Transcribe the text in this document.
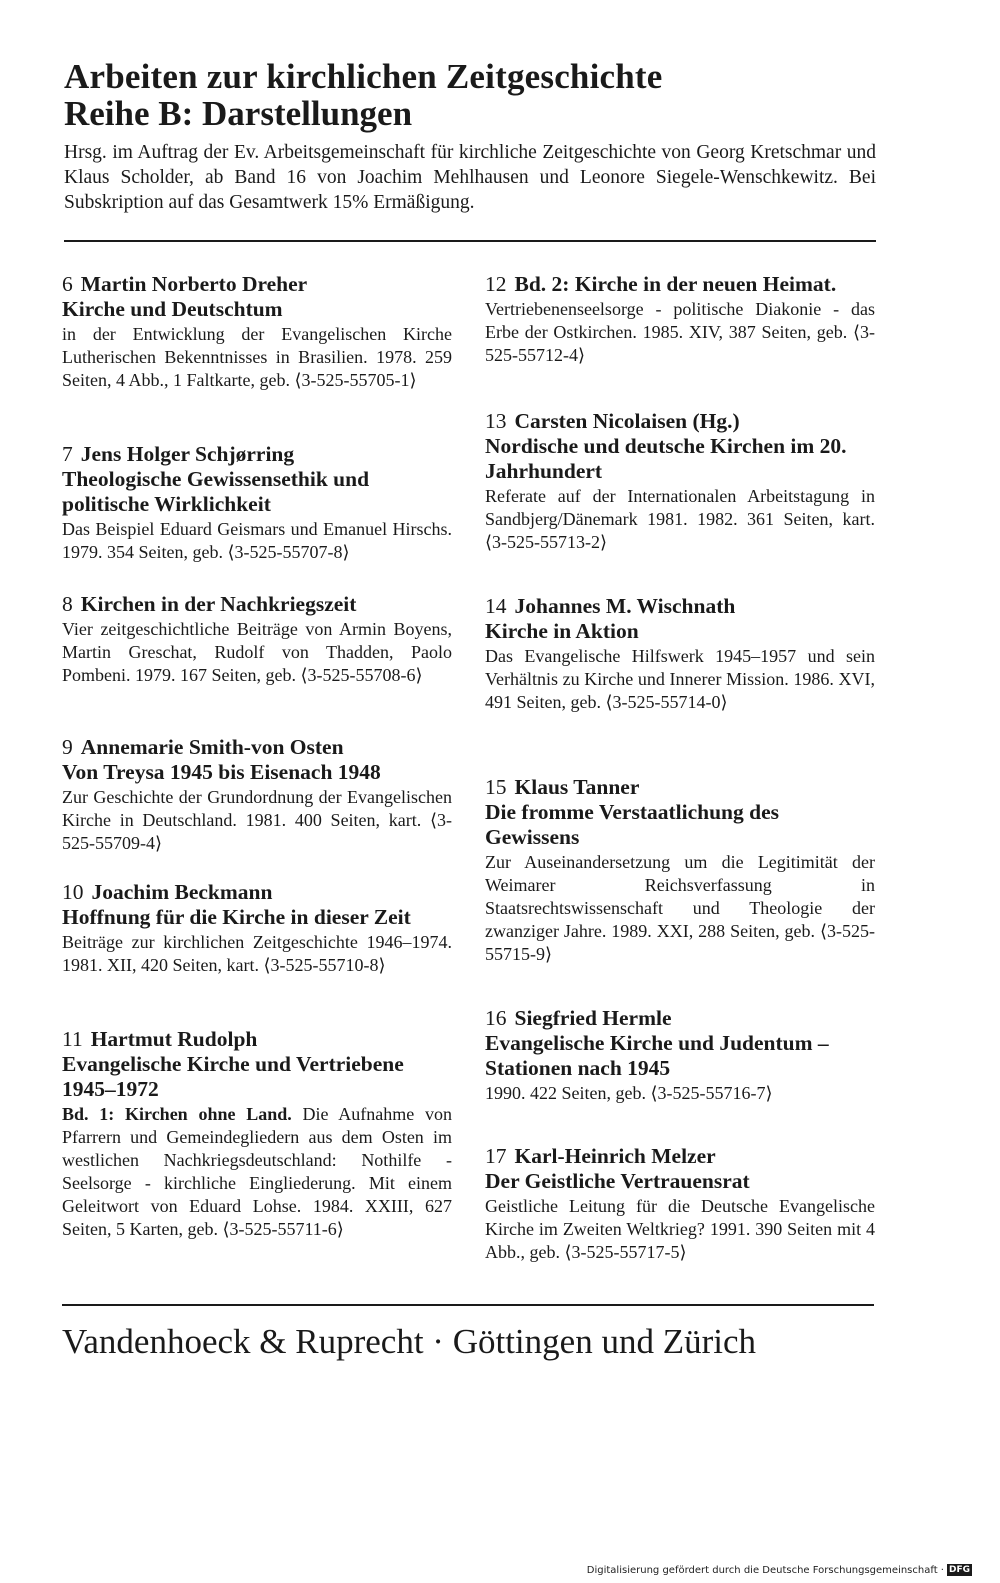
Arbeiten zur kirchlichen Zeitgeschichte
Reihe B: Darstellungen

Hrsg. im Auftrag der Ev. Arbeitsgemeinschaft für kirchliche Zeitgeschichte von Georg Kretschmar und Klaus Scholder, ab Band 16 von Joachim Mehlhausen und Leonore Siegele-Wenschkewitz. Bei Subskription auf das Gesamtwerk 15% Ermäßigung.

6 Martin Norberto Dreher

Kirche und Deutschtum

in der Entwicklung der Evangelischen Kirche Lutherischen Bekenntnisses in Brasilien. 1978. 259 Seiten, 4 Abb., 1 Faltkarte, geb. ⟨3-525-55705-1⟩

7 Jens Holger Schjørring

Theologische Gewissensethik und politische Wirklichkeit

Das Beispiel Eduard Geismars und Emanuel Hirschs. 1979. 354 Seiten, geb. ⟨3-525-55707-8⟩

8 Kirchen in der Nachkriegszeit

Vier zeitgeschichtliche Beiträge von Armin Boyens, Martin Greschat, Rudolf von Thadden, Paolo Pombeni. 1979. 167 Seiten, geb. ⟨3-525-55708-6⟩

9 Annemarie Smith-von Osten

Von Treysa 1945 bis Eisenach 1948

Zur Geschichte der Grundordnung der Evangelischen Kirche in Deutschland. 1981. 400 Seiten, kart. ⟨3-525-55709-4⟩

10 Joachim Beckmann

Hoffnung für die Kirche in dieser Zeit

Beiträge zur kirchlichen Zeitgeschichte 1946–1974. 1981. XII, 420 Seiten, kart. ⟨3-525-55710-8⟩

11 Hartmut Rudolph

Evangelische Kirche und Vertriebene 1945–1972

Bd. 1: Kirchen ohne Land. Die Aufnahme von Pfarrern und Gemeindegliedern aus dem Osten im westlichen Nachkriegsdeutschland: Nothilfe - Seelsorge - kirchliche Eingliederung. Mit einem Geleitwort von Eduard Lohse. 1984. XXIII, 627 Seiten, 5 Karten, geb. ⟨3-525-55711-6⟩

12 Bd. 2: Kirche in der neuen Heimat.

Vertriebenenseelsorge - politische Diakonie - das Erbe der Ostkirchen. 1985. XIV, 387 Seiten, geb. ⟨3-525-55712-4⟩

13 Carsten Nicolaisen (Hg.)

Nordische und deutsche Kirchen im 20. Jahrhundert

Referate auf der Internationalen Arbeitstagung in Sandbjerg/Dänemark 1981. 1982. 361 Seiten, kart. ⟨3-525-55713-2⟩

14 Johannes M. Wischnath

Kirche in Aktion

Das Evangelische Hilfswerk 1945–1957 und sein Verhältnis zu Kirche und Innerer Mission. 1986. XVI, 491 Seiten, geb. ⟨3-525-55714-0⟩

15 Klaus Tanner

Die fromme Verstaatlichung des Gewissens

Zur Auseinandersetzung um die Legitimität der Weimarer Reichsverfassung in Staatsrechtswissenschaft und Theologie der zwanziger Jahre. 1989. XXI, 288 Seiten, geb. ⟨3-525-55715-9⟩

16 Siegfried Hermle

Evangelische Kirche und Judentum – Stationen nach 1945

1990. 422 Seiten, geb. ⟨3-525-55716-7⟩

17 Karl-Heinrich Melzer

Der Geistliche Vertrauensrat

Geistliche Leitung für die Deutsche Evangelische Kirche im Zweiten Weltkrieg? 1991. 390 Seiten mit 4 Abb., geb. ⟨3-525-55717-5⟩

Vandenhoeck & Ruprecht · Göttingen und Zürich

Digitalisierung gefördert durch die Deutsche Forschungsgemeinschaft · DFG
